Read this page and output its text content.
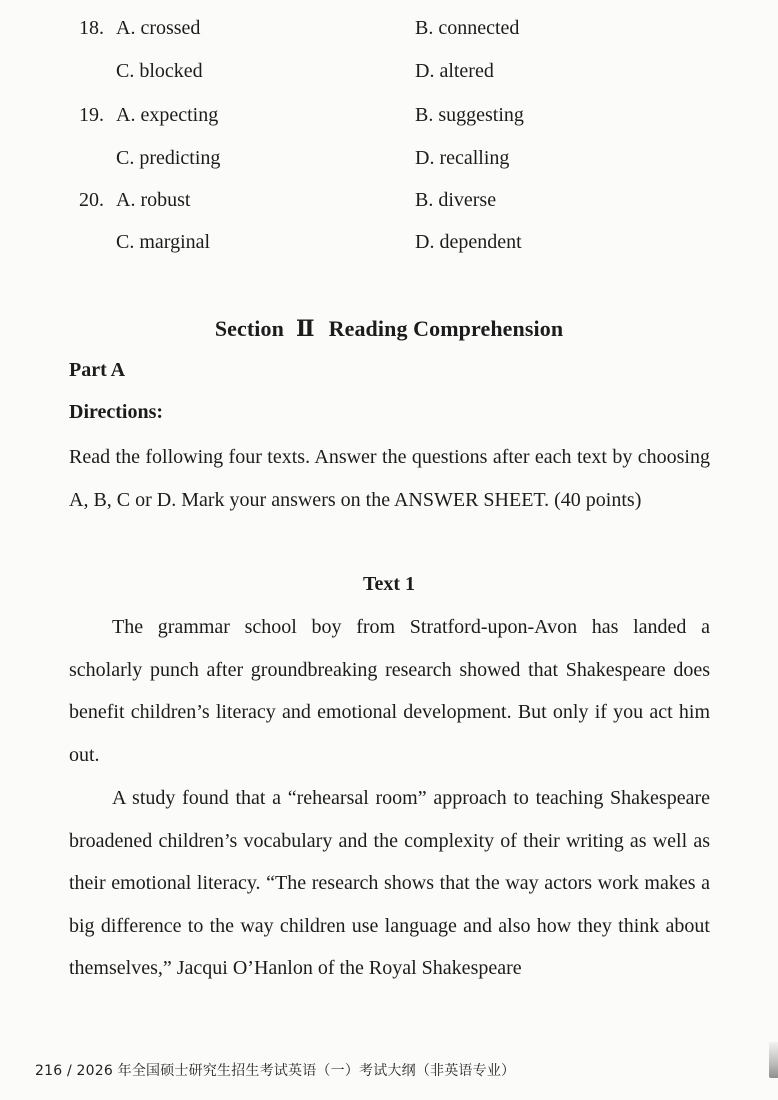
18. A. crossed	B. connected
C. blocked	D. altered
19. A. expecting	B. suggesting
C. predicting	D. recalling
20. A. robust	B. diverse
C. marginal	D. dependent
Section Ⅱ Reading Comprehension
Part A
Directions:
Read the following four texts. Answer the questions after each text by choosing A, B, C or D. Mark your answers on the ANSWER SHEET. (40 points)
Text 1
The grammar school boy from Stratford-upon-Avon has landed a scholarly punch after groundbreaking research showed that Shakespeare does benefit children’s literacy and emotional development. But only if you act him out.
A study found that a “rehearsal room” approach to teaching Shakespeare broadened children’s vocabulary and the complexity of their writing as well as their emotional literacy. “The research shows that the way actors work makes a big difference to the way children use language and also how they think about themselves,” Jacqui O’Hanlon of the Royal Shakespeare
216 / 2026 年全国硕士研究生招生考试英语（一）考试大纲（非英语专业）
